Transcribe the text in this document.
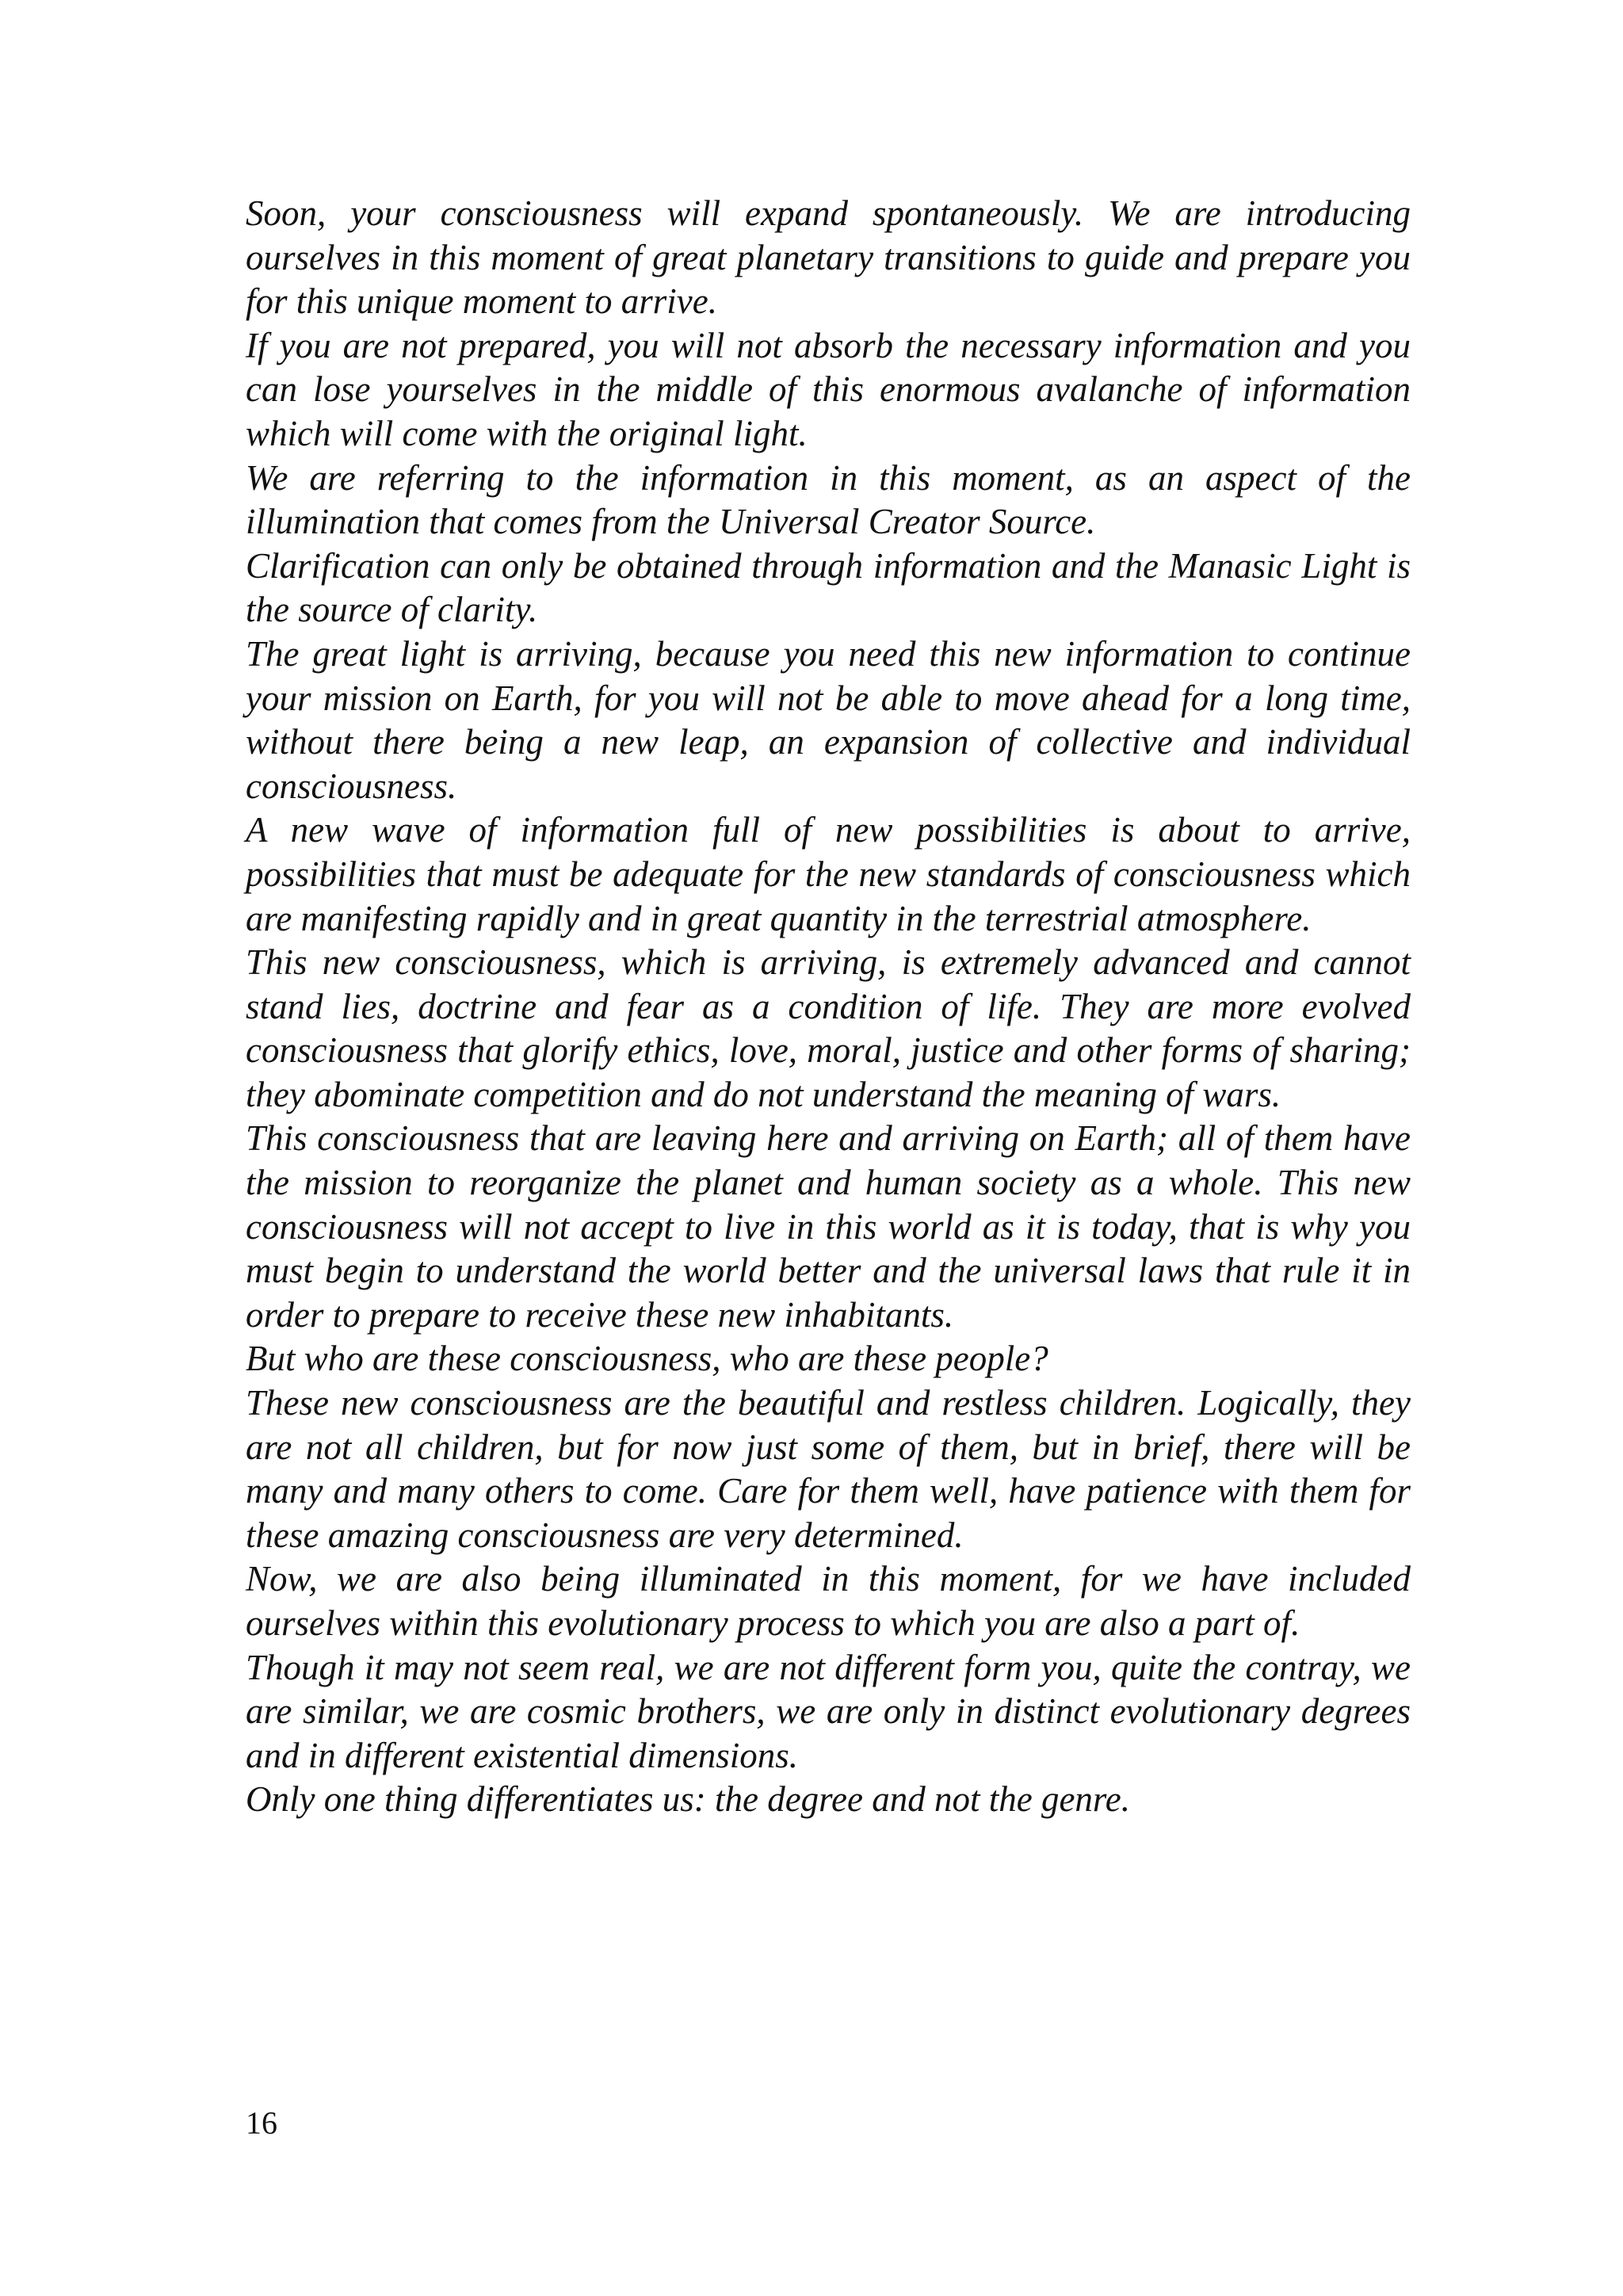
Soon, your consciousness will expand spontaneously. We are introducing ourselves in this moment of great planetary transitions to guide and prepare you for this unique moment to arrive.

If you are not prepared, you will not absorb the necessary information and you can lose yourselves in the middle of this enormous avalanche of information which will come with the original light.

We are referring to the information in this moment, as an aspect of the illumination that comes from the Universal Creator Source.

Clarification can only be obtained through information and the Manasic Light is the source of clarity.

The great light is arriving, because you need this new information to continue your mission on Earth, for you will not be able to move ahead for a long time, without there being a new leap, an expansion of collective and individual consciousness.

A new wave of information full of new possibilities is about to arrive, possibilities that must be adequate for the new standards of consciousness which are manifesting rapidly and in great quantity in the terrestrial atmosphere.

This new consciousness, which is arriving, is extremely advanced and cannot stand lies, doctrine and fear as a condition of life. They are more evolved consciousness that glorify ethics, love, moral, justice and other forms of sharing; they abominate competition and do not understand the meaning of wars.

This consciousness that are leaving here and arriving on Earth; all of them have the mission to reorganize the planet and human society as a whole. This new consciousness will not accept to live in this world as it is today, that is why you must begin to understand the world better and the universal laws that rule it in order to prepare to receive these new inhabitants.

But who are these consciousness, who are these people?

These new consciousness are the beautiful and restless children. Logically, they are not all children, but for now just some of them, but in brief, there will be many and many others to come. Care for them well, have patience with them for these amazing consciousness are very determined.

Now, we are also being illuminated in this moment, for we have included ourselves within this evolutionary process to which you are also a part of.

Though it may not seem real, we are not different form you, quite the contray, we are similar, we are cosmic brothers, we are only in distinct evolutionary degrees and in different existential dimensions.

Only one thing differentiates us: the degree and not the genre.

16
